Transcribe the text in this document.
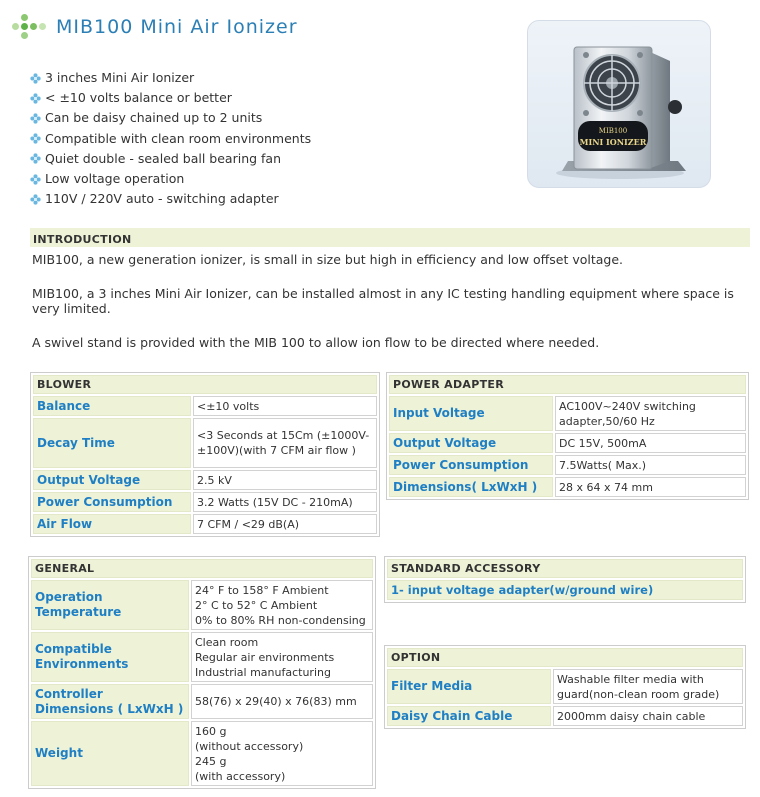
MIB100 Mini Air Ionizer
3 inches Mini Air Ionizer
< ±10 volts balance or better
Can be daisy chained up to 2 units
Compatible with clean room environments
Quiet double - sealed ball bearing fan
Low voltage operation
110V / 220V auto - switching adapter
MIB100
MINI IONIZER
INTRODUCTION

MIB100, a new generation ionizer, is small in size but high in efficiency and low offset voltage.

MIB100, a 3 inches Mini Air Ionizer, can be installed almost in any IC testing handling equipment where space is very limited.

A swivel stand is provided with the MIB 100 to allow ion flow to be directed where needed.

BLOWER	
Balance	<±10 volts
Decay Time	<3 Seconds at 15Cm (±1000V-±100V)(with 7 CFM air flow )
Output Voltage	2.5 kV
Power Consumption	3.2 Watts (15V DC - 210mA)
Air Flow	7 CFM / <29 dB(A)
POWER ADAPTER	
Input Voltage	AC100V~240V switching adapter,50/60 Hz
Output Voltage	DC 15V, 500mA
Power Consumption	7.5Watts( Max.)
Dimensions( LxWxH )	28 x 64 x 74 mm
GENERAL	
Operation Temperature	24° F to 158° F Ambient
2° C to 52° C Ambient
0% to 80% RH non-condensing

Compatible Environments	Clean room
Regular air environments
Industrial manufacturing

Controller Dimensions ( LxWxH )	58(76) x 29(40) x 76(83) mm

Weight	160 g
(without accessory)
245 g
(with accessory)
STANDARD ACCESSORY
1- input voltage adapter(w/ground wire)
OPTION	
Filter Media	Washable filter media with guard(non-clean room grade)
Daisy Chain Cable	2000mm daisy chain cable
